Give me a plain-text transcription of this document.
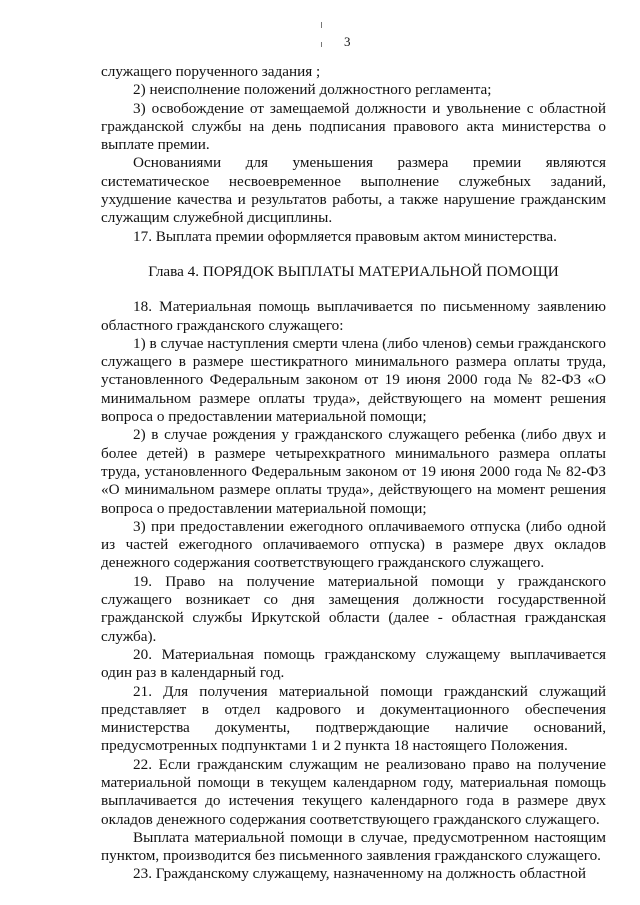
3

служащего порученного задания ;

2) неисполнение положений должностного регламента;

3) освобождение от замещаемой должности и увольнение с областной гражданской службы на день подписания правового акта министерства о выплате премии.

Основаниями для уменьшения размера премии являются систематическое несвоевременное выполнение служебных заданий, ухудшение качества и результатов работы, а также нарушение гражданским служащим служебной дисциплины.

17. Выплата премии оформляется правовым актом министерства.

Глава 4. ПОРЯДОК ВЫПЛАТЫ МАТЕРИАЛЬНОЙ ПОМОЩИ

18. Материальная помощь выплачивается по письменному заявлению областного гражданского служащего:

1) в случае наступления смерти члена (либо членов) семьи гражданского служащего в размере шестикратного минимального размера оплаты труда, установленного Федеральным законом от 19 июня 2000 года № 82-ФЗ «О минимальном размере оплаты труда», действующего на момент решения вопроса о предоставлении материальной помощи;

2) в случае рождения у гражданского служащего ребенка (либо двух и более детей) в размере четырехкратного минимального размера оплаты труда, установленного Федеральным законом от 19 июня 2000 года № 82-ФЗ «О минимальном размере оплаты труда», действующего на момент решения вопроса о предоставлении материальной помощи;

3) при предоставлении ежегодного оплачиваемого отпуска (либо одной из частей ежегодного оплачиваемого отпуска) в размере двух окладов денежного содержания соответствующего гражданского служащего.

19. Право на получение материальной помощи у гражданского служащего возникает со дня замещения должности государственной гражданской службы Иркутской области (далее - областная гражданская служба).

20. Материальная помощь гражданскому служащему выплачивается один раз в календарный год.

21. Для получения материальной помощи гражданский служащий представляет в отдел кадрового и документационного обеспечения министерства документы, подтверждающие наличие оснований, предусмотренных подпунктами 1 и 2 пункта 18 настоящего Положения.

22. Если гражданским служащим не реализовано право на получение материальной помощи в текущем календарном году, материальная помощь выплачивается до истечения текущего календарного года в размере двух окладов денежного содержания соответствующего гражданского служащего.

Выплата материальной помощи в случае, предусмотренном настоящим пунктом, производится без письменного заявления гражданского служащего.

23. Гражданскому служащему, назначенному на должность областной
